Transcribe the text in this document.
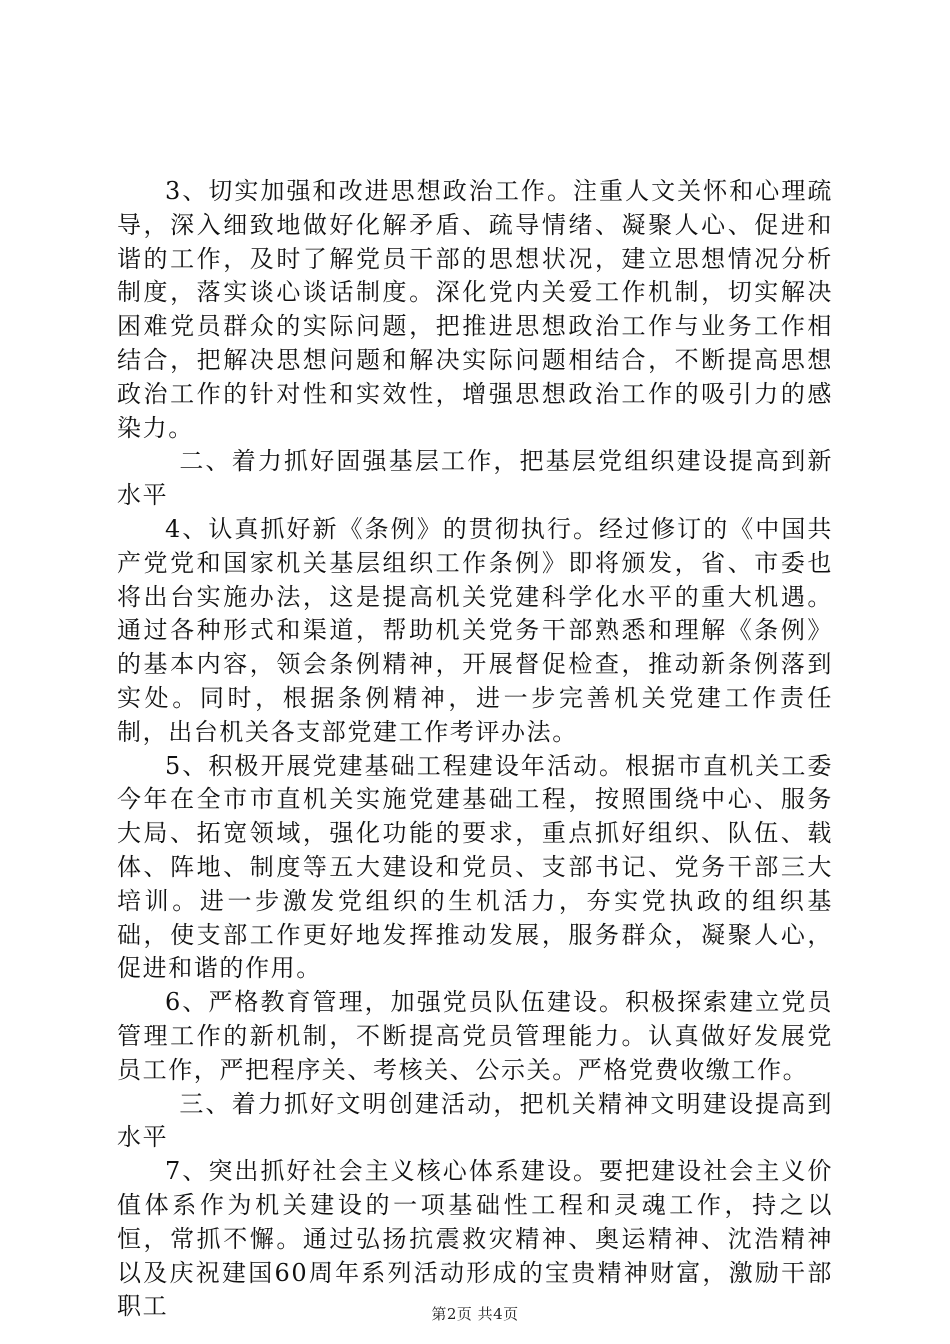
3、切实加强和改进思想政治工作。注重人文关怀和心理疏导，深入细致地做好化解矛盾、疏导情绪、凝聚人心、促进和谐的工作，及时了解党员干部的思想状况，建立思想情况分析制度，落实谈心谈话制度。深化党内关爱工作机制，切实解决困难党员群众的实际问题，把推进思想政治工作与业务工作相结合，把解决思想问题和解决实际问题相结合，不断提高思想政治工作的针对性和实效性，增强思想政治工作的吸引力的感染力。

二、着力抓好固强基层工作，把基层党组织建设提高到新水平

4、认真抓好新《条例》的贯彻执行。经过修订的《中国共产党党和国家机关基层组织工作条例》即将颁发，省、市委也将出台实施办法，这是提高机关党建科学化水平的重大机遇。通过各种形式和渠道，帮助机关党务干部熟悉和理解《条例》的基本内容，领会条例精神，开展督促检查，推动新条例落到实处。同时，根据条例精神，进一步完善机关党建工作责任制，出台机关各支部党建工作考评办法。

5、积极开展党建基础工程建设年活动。根据市直机关工委今年在全市市直机关实施党建基础工程，按照围绕中心、服务大局、拓宽领域，强化功能的要求，重点抓好组织、队伍、载体、阵地、制度等五大建设和党员、支部书记、党务干部三大培训。进一步激发党组织的生机活力，夯实党执政的组织基础，使支部工作更好地发挥推动发展，服务群众，凝聚人心，促进和谐的作用。

6、严格教育管理，加强党员队伍建设。积极探索建立党员管理工作的新机制，不断提高党员管理能力。认真做好发展党员工作，严把程序关、考核关、公示关。严格党费收缴工作。

三、着力抓好文明创建活动，把机关精神文明建设提高到水平

7、突出抓好社会主义核心体系建设。要把建设社会主义价值体系作为机关建设的一项基础性工程和灵魂工作，持之以恒，常抓不懈。通过弘扬抗震救灾精神、奥运精神、沈浩精神以及庆祝建国60周年系列活动形成的宝贵精神财富，激励干部职工	第2页 共4页
